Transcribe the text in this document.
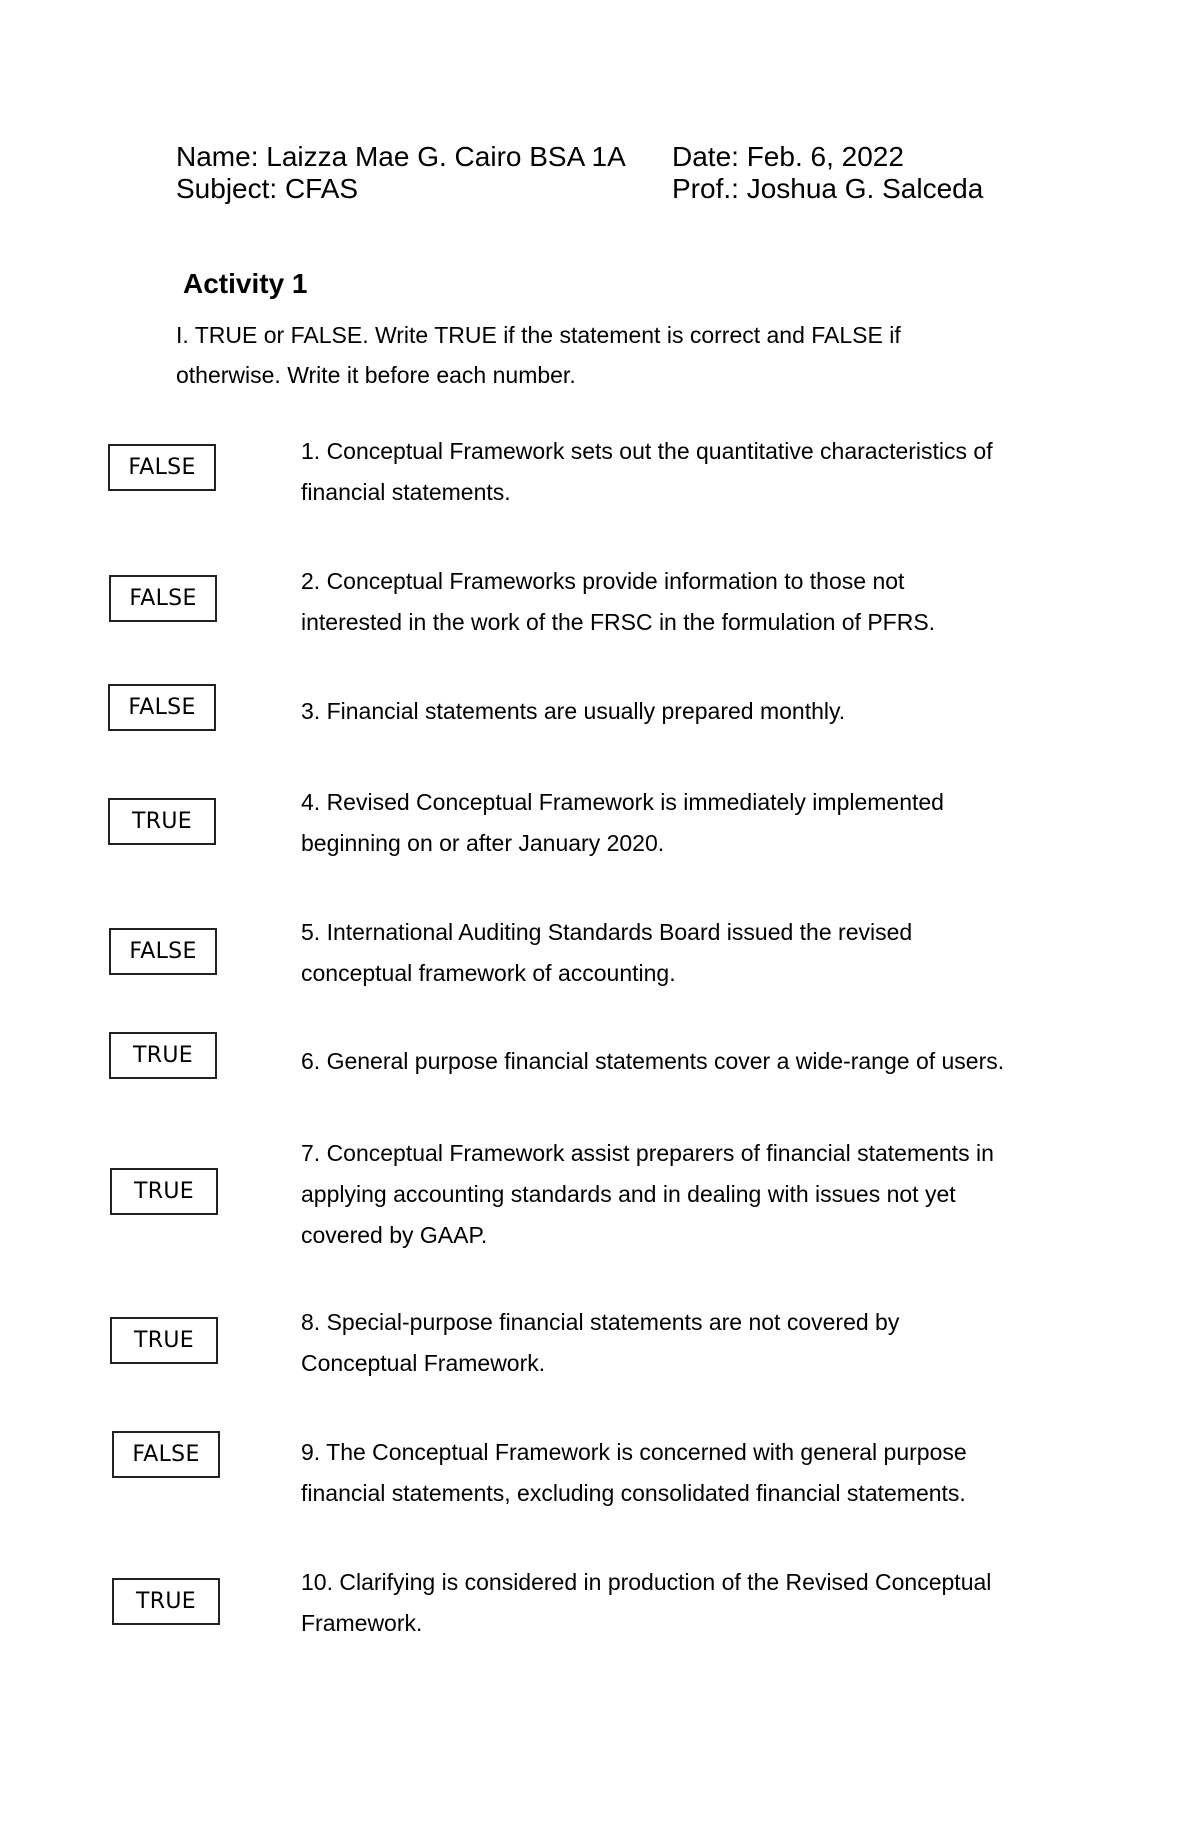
Name: Laizza Mae G. Cairo BSA 1A Date: Feb. 6, 2022
Subject: CFAS	Prof.: Joshua G. Salceda
Activity 1
I. TRUE or FALSE. Write TRUE if the statement is correct and FALSE if
otherwise. Write it before each number.
FALSE
1. Conceptual Framework sets out the quantitative characteristics of
financial statements.
FALSE
2. Conceptual Frameworks provide information to those not
interested in the work of the FRSC in the formulation of PFRS.
FALSE	3. Financial statements are usually prepared monthly.
TRUE
4. Revised Conceptual Framework is immediately implemented
beginning on or after January 2020.
FALSE
5. International Auditing Standards Board issued the revised
conceptual framework of accounting.
TRUE	6. General purpose financial statements cover a wide-range of users.
TRUE
7. Conceptual Framework assist preparers of financial statements in
applying accounting standards and in dealing with issues not yet
covered by GAAP.
TRUE
8. Special-purpose financial statements are not covered by
Conceptual Framework.
FALSE	9. The Conceptual Framework is concerned with general purpose
financial statements, excluding consolidated financial statements.
TRUE
10. Clarifying is considered in production of the Revised Conceptual
Framework.
